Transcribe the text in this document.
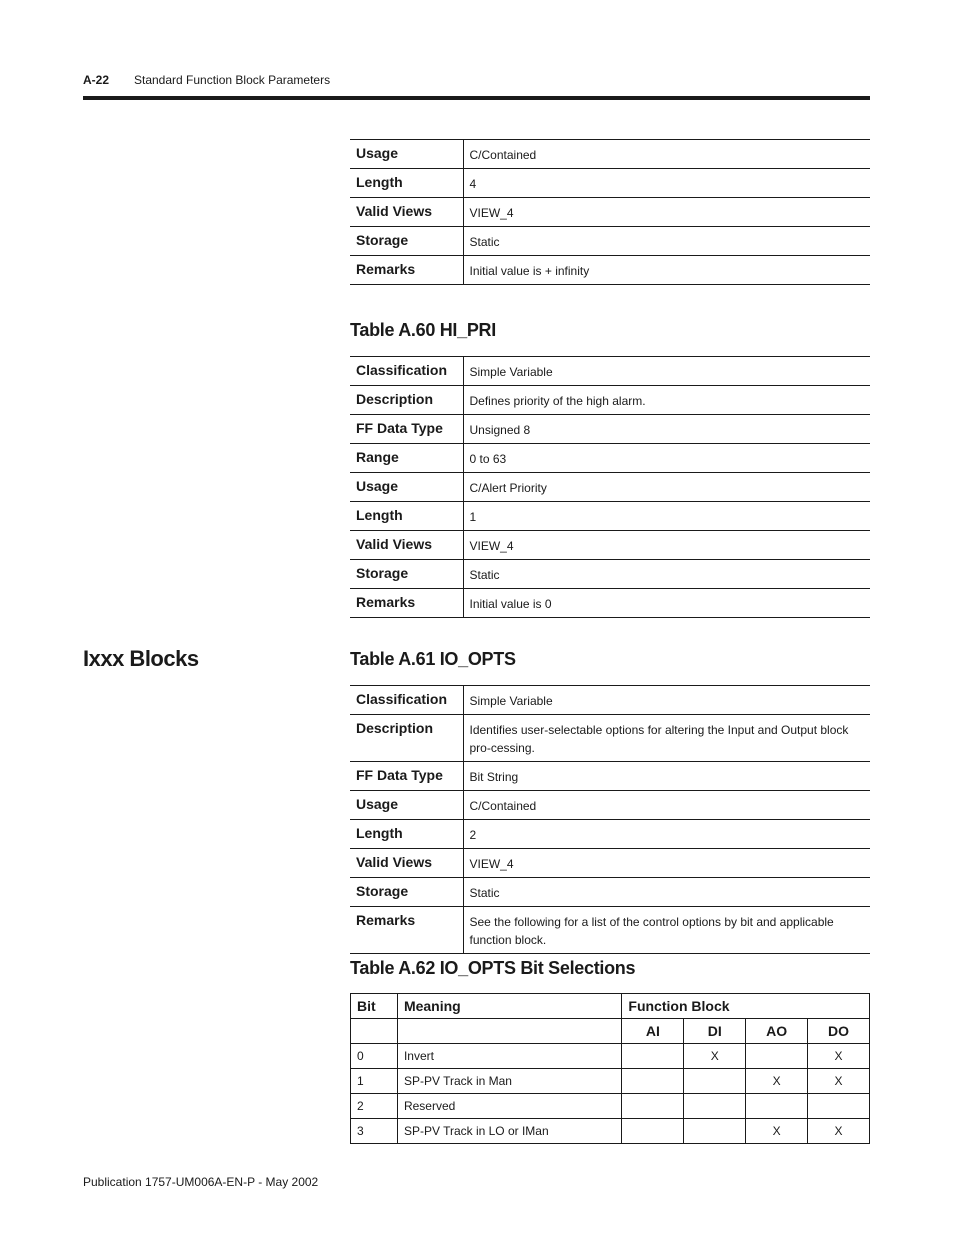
A-22 Standard Function Block Parameters
Usage	C/Contained
Length	4
Valid Views	VIEW_4
Storage	Static
Remarks	Initial value is + infinity
Table A.60 HI_PRI
Classification	Simple Variable
Description	Defines priority of the high alarm.
FF Data Type	Unsigned 8
Range	0 to 63
Usage	C/Alert Priority
Length	1
Valid Views	VIEW_4
Storage	Static
Remarks	Initial value is 0
Ixxx Blocks	Table A.61 IO_OPTS
Classification	Simple Variable
Description	Identifies user-selectable options for altering the Input and Output block pro-cessing.
FF Data Type	Bit String
Usage	C/Contained
Length	2
Valid Views	VIEW_4
Storage	Static
Remarks	See the following for a list of the control options by bit and applicable function block.
Table A.62 IO_OPTS Bit Selections
Bit	Meaning	Function Block			
		AI	DI	AO	DO
0	Invert		X		X
1	SP-PV Track in Man			X	X
2	Reserved				
3	SP-PV Track in LO or IMan			X	X
Publication 1757-UM006A-EN-P - May 2002
